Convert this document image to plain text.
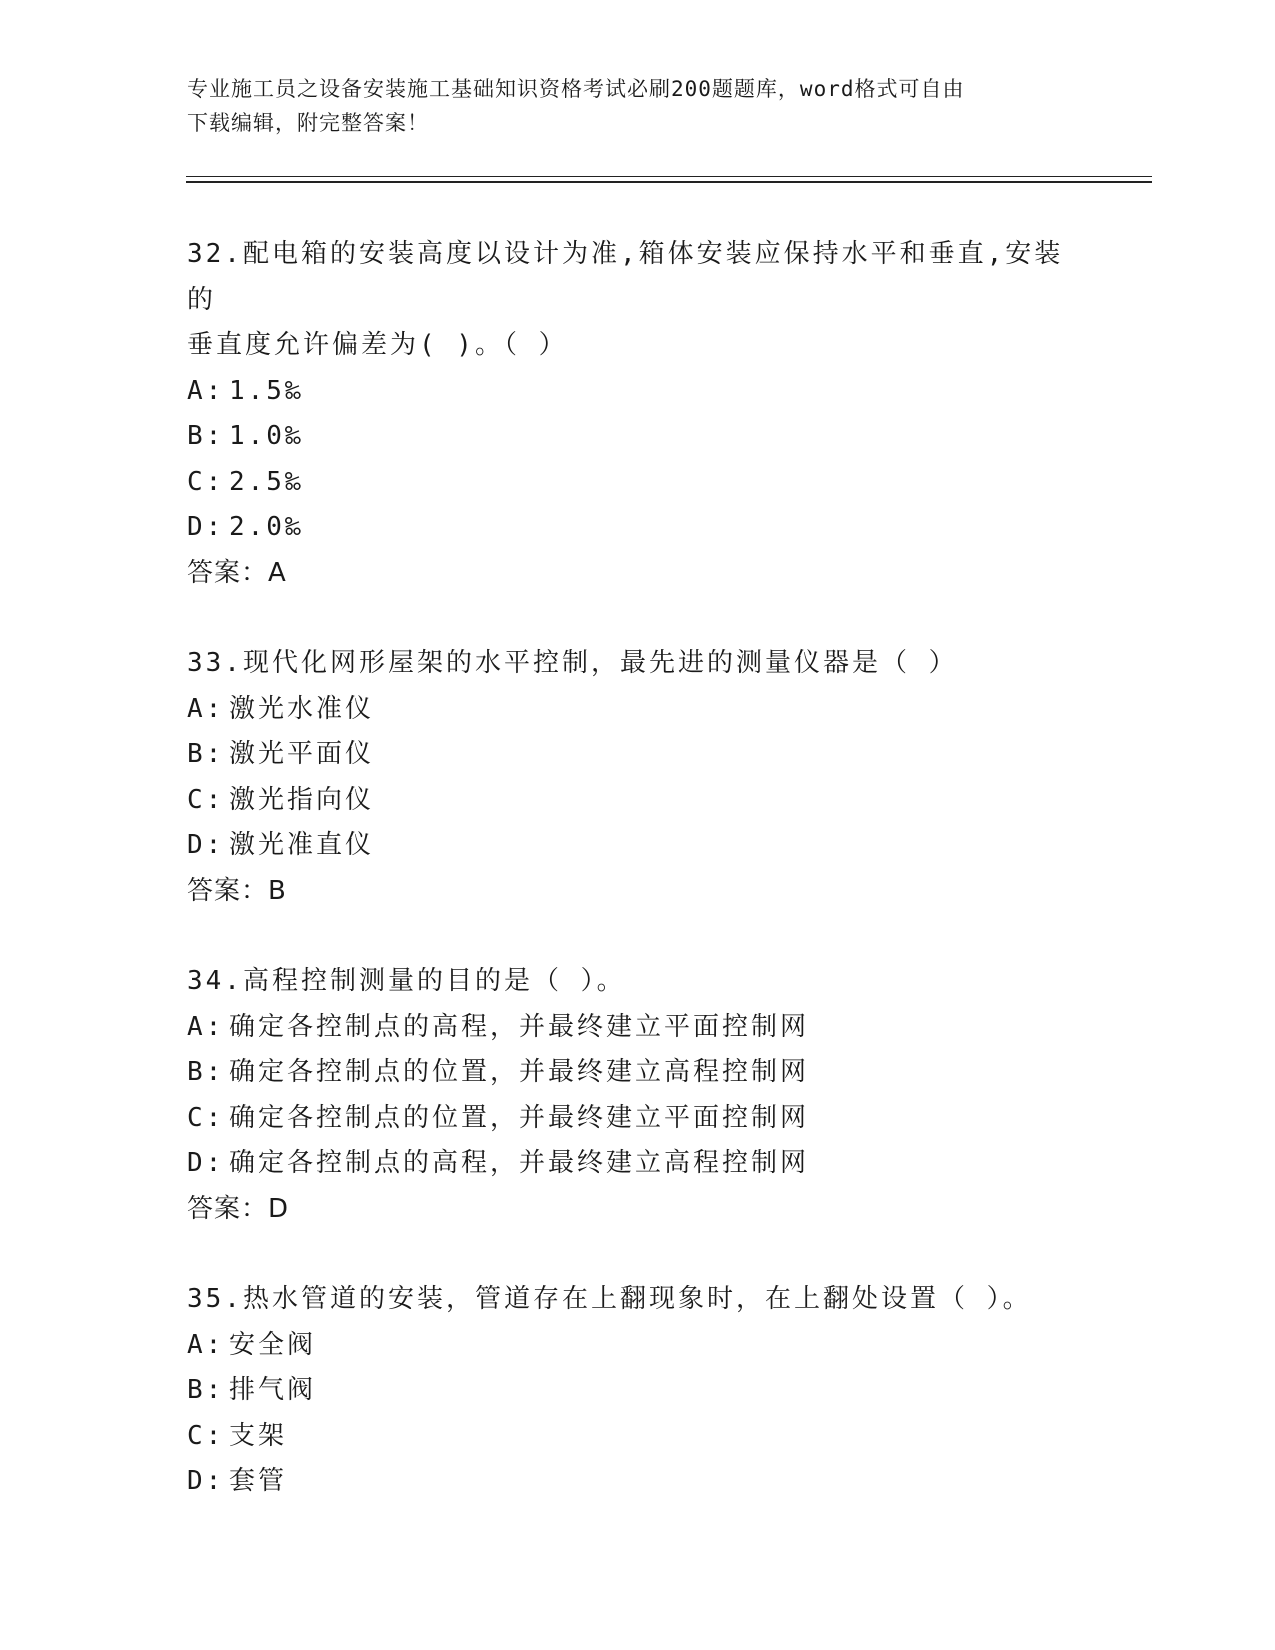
专业施工员之设备安装施工基础知识资格考试必刷200题题库，word格式可自由
下载编辑，附完整答案！
32.配电箱的安装高度以设计为准,箱体安装应保持水平和垂直,安装的
垂直度允许偏差为( )。（ ）
A: 1.5‰
B: 1.0‰
C: 2.5‰
D: 2.0‰
答案：A
33.现代化网形屋架的水平控制，最先进的测量仪器是（ ）
A: 激光水准仪
B: 激光平面仪
C: 激光指向仪
D: 激光准直仪
答案：B
34.高程控制测量的目的是（ ）。
A: 确定各控制点的高程，并最终建立平面控制网
B: 确定各控制点的位置，并最终建立高程控制网
C: 确定各控制点的位置，并最终建立平面控制网
D: 确定各控制点的高程，并最终建立高程控制网
答案：D
35.热水管道的安装，管道存在上翻现象时，在上翻处设置（ ）。
A: 安全阀
B: 排气阀
C: 支架
D: 套管
